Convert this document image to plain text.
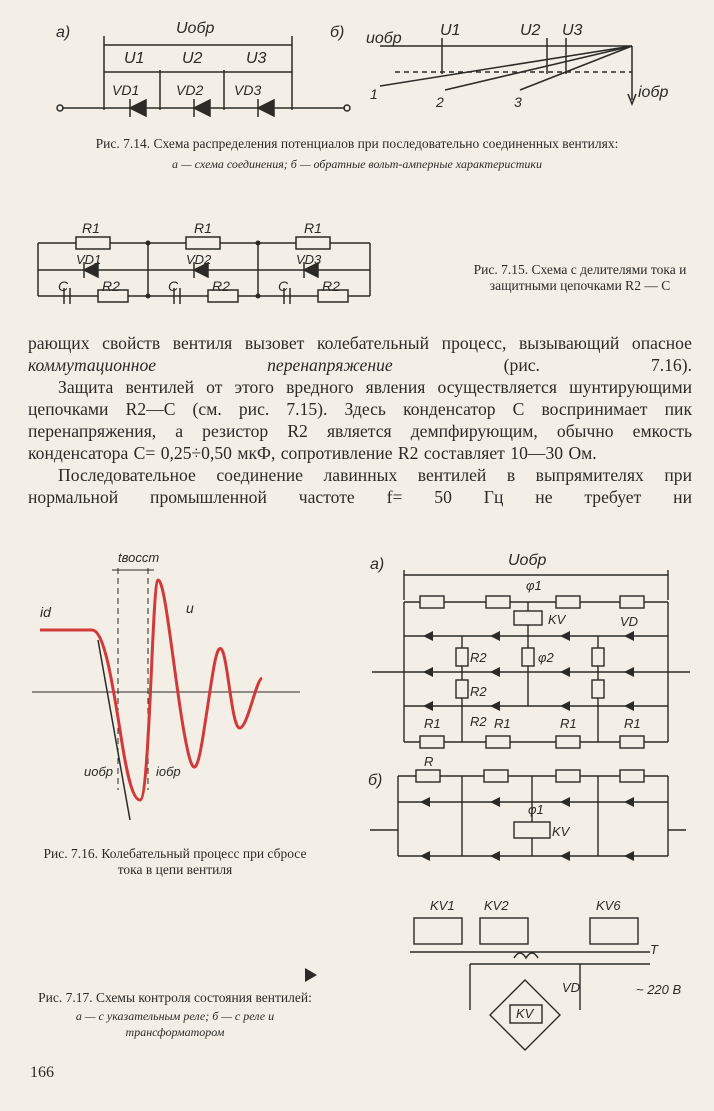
а)	Uобр
U1 U2	U3
VD1	VD2 VD3
б) uобр U1	U2 U3
iобр
1	2	3
Рис. 7.14. Схема распределения потенциалов при последовательно соединенных вентилях:
а — схема соединения; б — обратные вольт-амперные характеристики
R1	R1	R1
VD1	VD2	VD3
C	C	C
R2	R2	R2
Рис. 7.15. Схема с делителями тока и защитными цепочками R2 — C

рающих свойств вентиля вызовет колебательный процесс, вызывающий опасное коммутационное перенапряжение (рис. 7.16).

Защита вентилей от этого вредного явления осуществляется шунтирующими цепочками R2—C (см. рис. 7.15). Здесь конденсатор C воспринимает пик перенапряжения, а резистор R2 является демпфирующим, обычно емкость конденсатора C= 0,25÷0,50 мкФ, сопротивление R2 составляет 10—30 Ом.

Последовательное соединение лавинных вентилей в выпрямителях при нормальной промышленной частоте f= 50 Гц не требует ни

tвосст
id	u
uобр	iобр
Рис. 7.16. Колебательный процесс при сбросе тока в цепи вентиля
а)	Uобр
φ1
KV	VD
R2	φ2
R2
R2
R1	R1	R1	R1
б)
R
φ1
KV
KV1 KV2	KV6
T
VD	~ 220 В
KV
Рис. 7.17. Схемы контроля состояния вентилей:
а — с указательным реле; б — с реле и трансформатором
166
